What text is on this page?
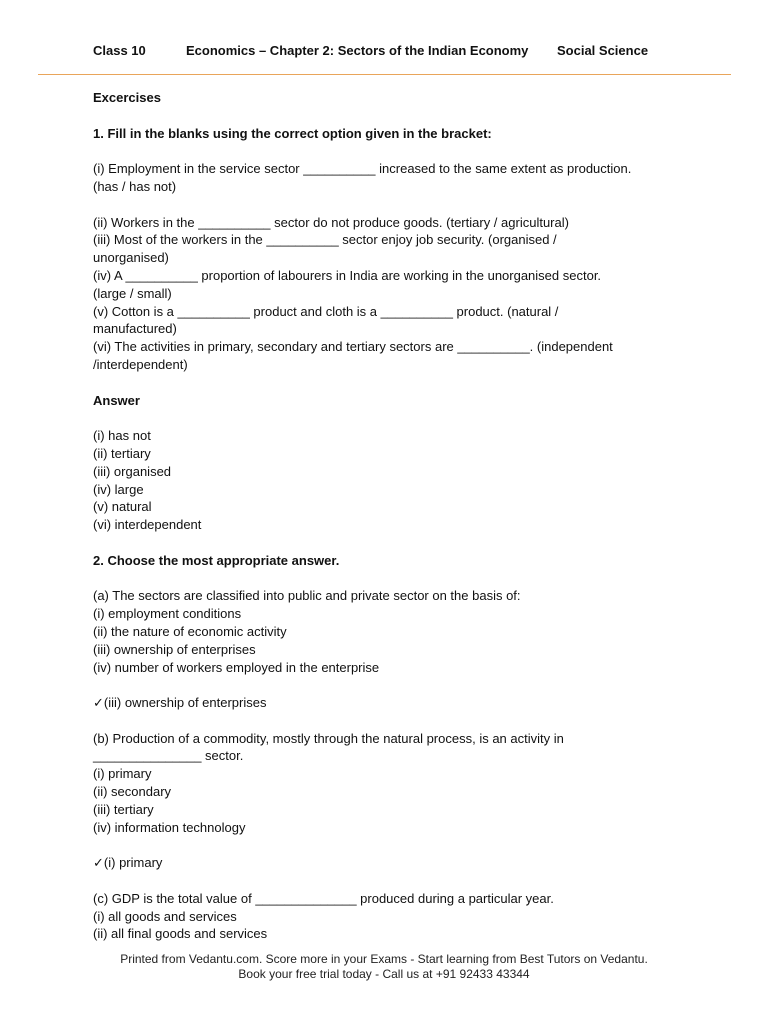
Class 10	Economics – Chapter 2: Sectors of the Indian Economy Social Science

Excercises

1. Fill in the blanks using the correct option given in the bracket:

(i) Employment in the service sector __________ increased to the same extent as production.

(has / has not)

(ii) Workers in the __________ sector do not produce goods. (tertiary / agricultural)

(iii) Most of the workers in the __________ sector enjoy job security. (organised /

unorganised)

(iv) A __________ proportion of labourers in India are working in the unorganised sector.

(large / small)

(v) Cotton is a __________ product and cloth is a __________ product. (natural /

manufactured)

(vi) The activities in primary, secondary and tertiary sectors are __________. (independent

/interdependent)

Answer

(i) has not

(ii) tertiary

(iii) organised

(iv) large

(v) natural

(vi) interdependent

2. Choose the most appropriate answer.

(a) The sectors are classified into public and private sector on the basis of:

(i) employment conditions

(ii) the nature of economic activity

(iii) ownership of enterprises

(iv) number of workers employed in the enterprise

✓(iii) ownership of enterprises

(b) Production of a commodity, mostly through the natural process, is an activity in

_______________ sector.

(i) primary

(ii) secondary

(iii) tertiary

(iv) information technology

✓(i) primary

(c) GDP is the total value of ______________ produced during a particular year.

(i) all goods and services

(ii) all final goods and services

Printed from Vedantu.com. Score more in your Exams - Start learning from Best Tutors on Vedantu.
Book your free trial today - Call us at +91 92433 43344
